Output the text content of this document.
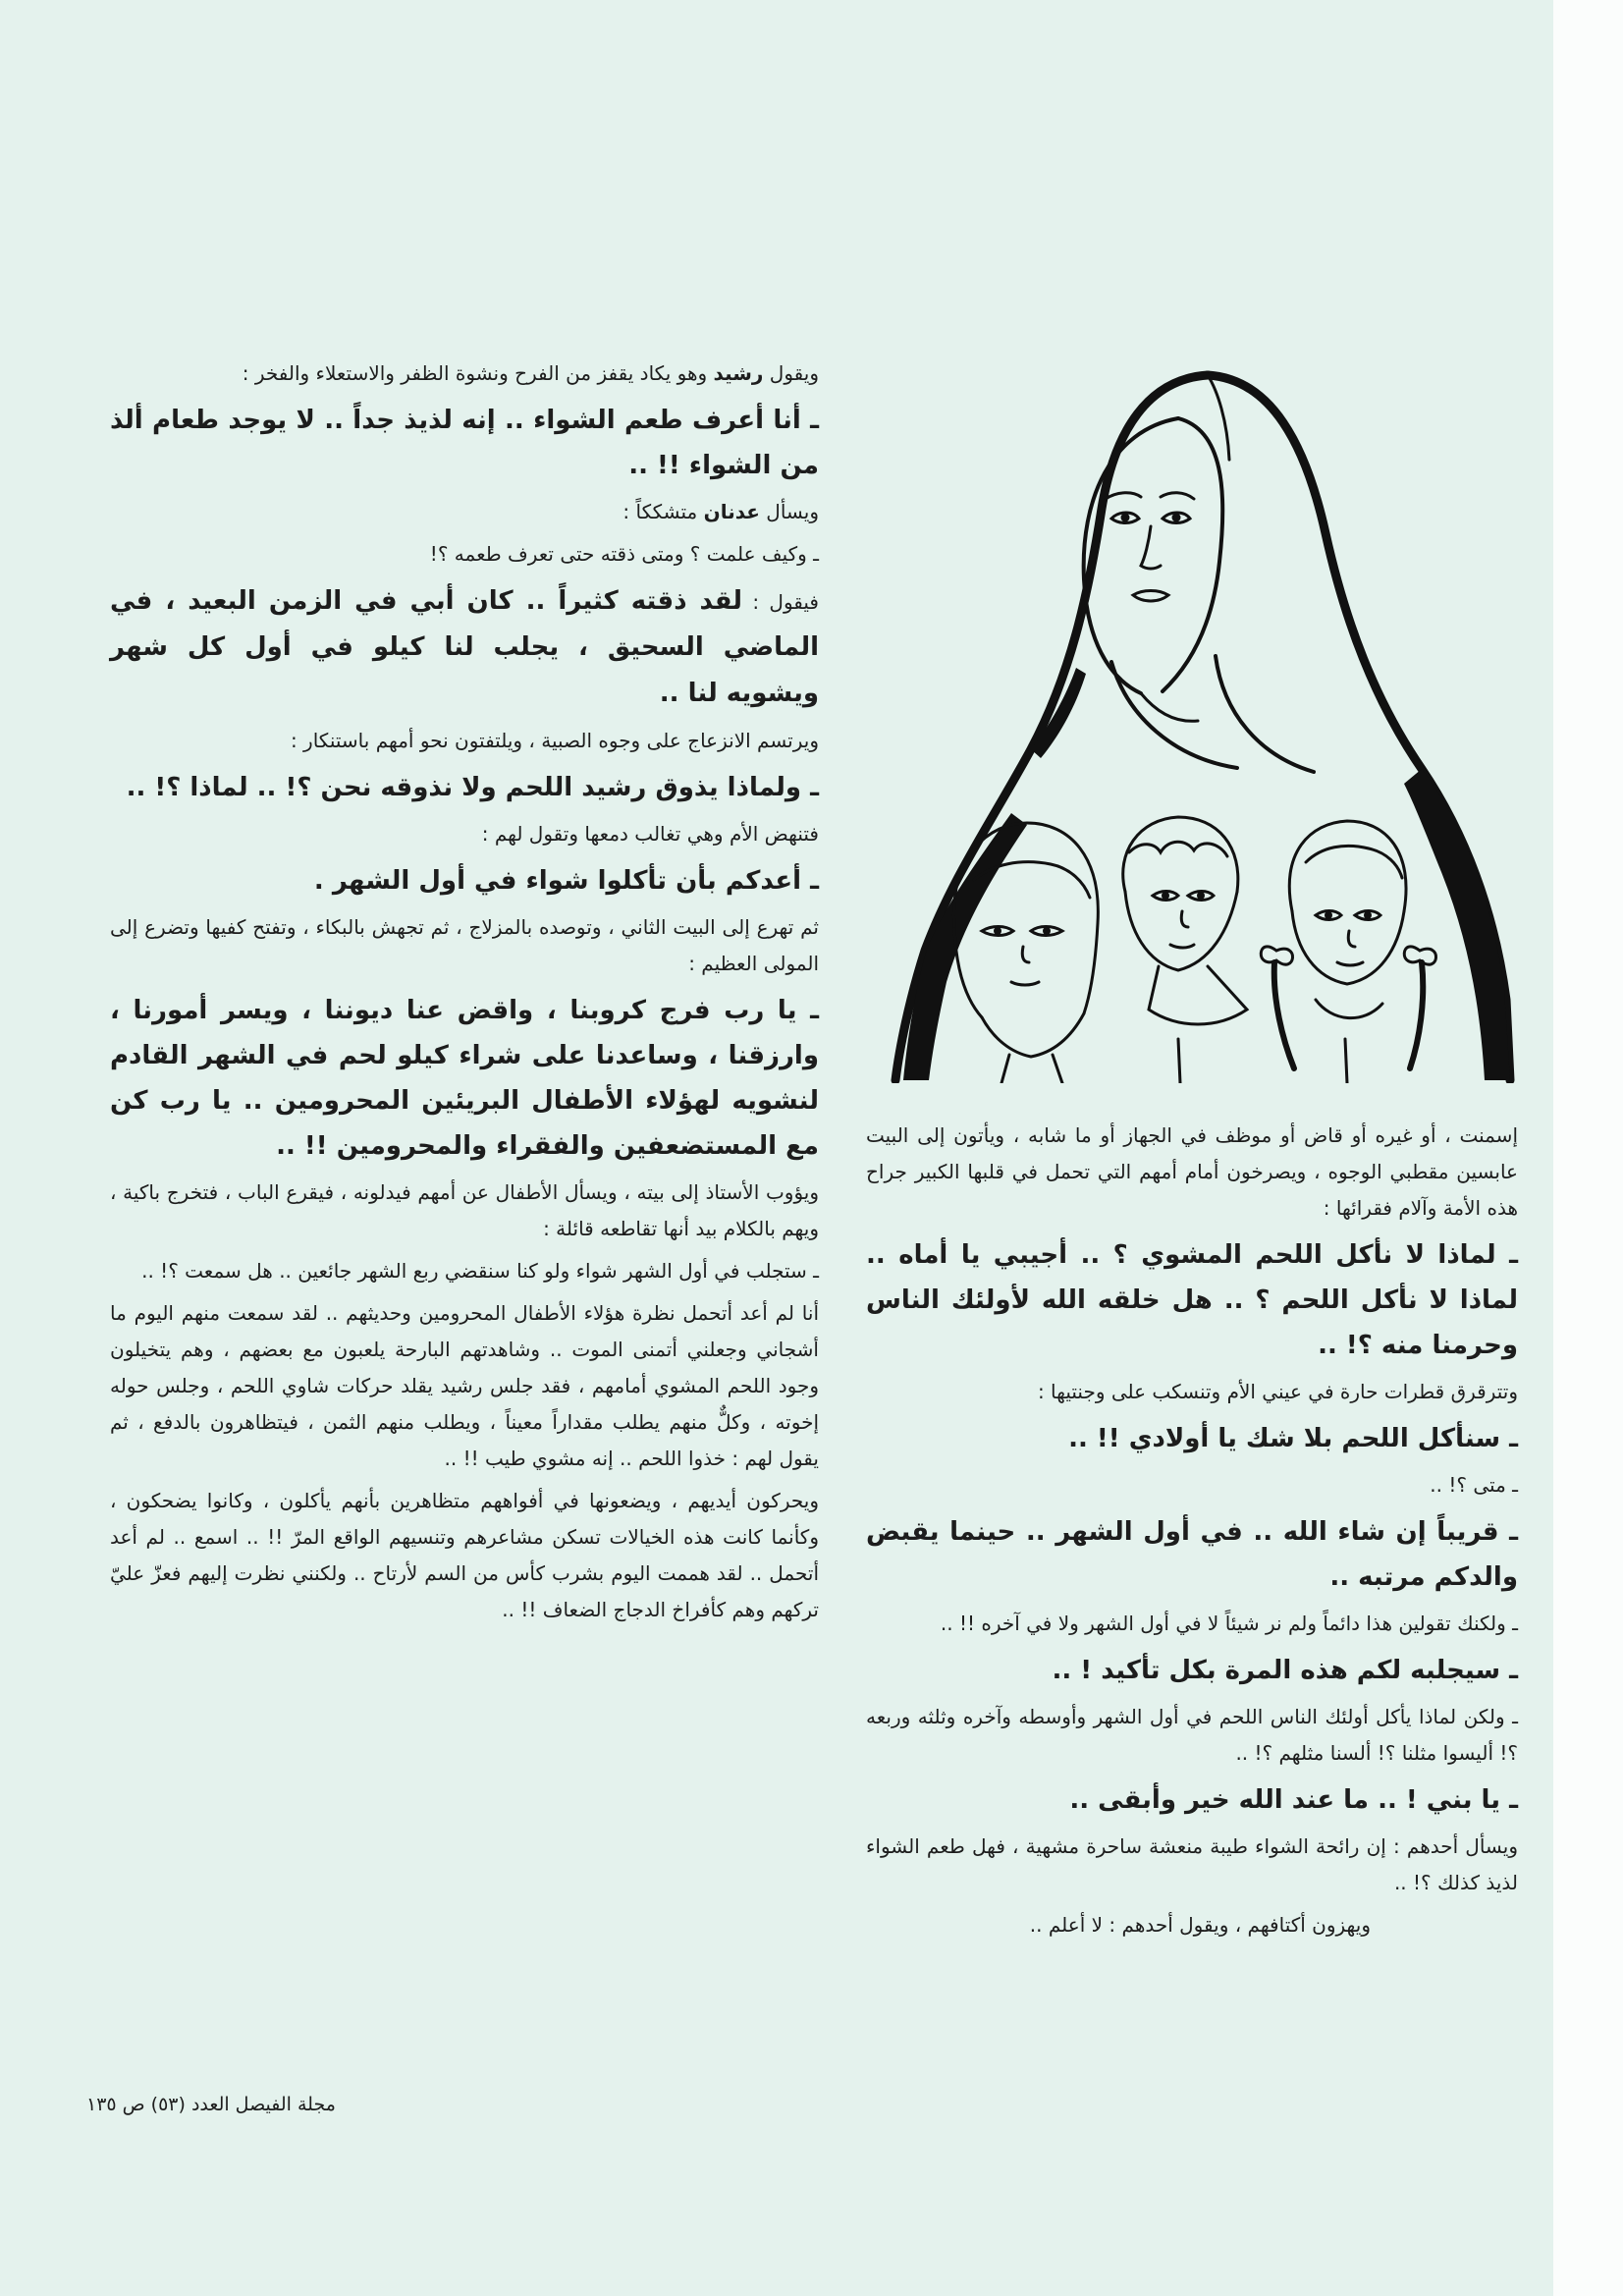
ويقول رشيد وهو يكاد يقفز من الفرح ونشوة الظفر والاستعلاء والفخر :

ـ أنا أعرف طعم الشواء .. إنه لذيذ جداً .. لا يوجد طعام ألذ من الشواء !! ..

ويسأل عدنان متشككاً :

ـ وكيف علمت ؟ ومتى ذقته حتى تعرف طعمه ؟!

فيقول : لقد ذقته كثيراً .. كان أبي في الزمن البعيد ، في الماضي السحيق ، يجلب لنا كيلو في أول كل شهر ويشويه لنا ..

ويرتسم الانزعاج على وجوه الصبية ، ويلتفتون نحو أمهم باستنكار :

ـ ولماذا يذوق رشيد اللحم ولا نذوقه نحن ؟! .. لماذا ؟! ..

فتنهض الأم وهي تغالب دمعها وتقول لهم :

ـ أعدكم بأن تأكلوا شواء في أول الشهر .

ثم تهرع إلى البيت الثاني ، وتوصده بالمزلاج ، ثم تجهش بالبكاء ، وتفتح كفيها وتضرع إلى المولى العظيم :

ـ يا رب فرج كروبنا ، واقض عنا ديوننا ، ويسر أمورنا ، وارزقنا ، وساعدنا على شراء كيلو لحم في الشهر القادم لنشويه لهؤلاء الأطفال البريئين المحرومين .. يا رب كن مع المستضعفين والفقراء والمحرومين !! ..

ويؤوب الأستاذ إلى بيته ، ويسأل الأطفال عن أمهم فيدلونه ، فيقرع الباب ، فتخرج باكية ، ويهم بالكلام بيد أنها تقاطعه قائلة :

ـ ستجلب في أول الشهر شواء ولو كنا سنقضي ربع الشهر جائعين .. هل سمعت ؟! ..

أنا لم أعد أتحمل نظرة هؤلاء الأطفال المحرومين وحديثهم .. لقد سمعت منهم اليوم ما أشجاني وجعلني أتمنى الموت .. وشاهدتهم البارحة يلعبون مع بعضهم ، وهم يتخيلون وجود اللحم المشوي أمامهم ، فقد جلس رشيد يقلد حركات شاوي اللحم ، وجلس حوله إخوته ، وكلٌّ منهم يطلب مقداراً معيناً ، ويطلب منهم الثمن ، فيتظاهرون بالدفع ، ثم يقول لهم : خذوا اللحم .. إنه مشوي طيب !! ..

ويحركون أيديهم ، ويضعونها في أفواههم متظاهرين بأنهم يأكلون ، وكانوا يضحكون ، وكأنما كانت هذه الخيالات تسكن مشاعرهم وتنسيهم الواقع المرّ !! .. اسمع .. لم أعد أتحمل .. لقد هممت اليوم بشرب كأس من السم لأرتاح .. ولكنني نظرت إليهم فعزّ عليّ تركهم وهم كأفراخ الدجاج الضعاف !! ..

إسمنت ، أو غيره أو قاض أو موظف في الجهاز أو ما شابه ، ويأتون إلى البيت عابسين مقطبي الوجوه ، ويصرخون أمام أمهم التي تحمل في قلبها الكبير جراح هذه الأمة وآلام فقرائها :

ـ لماذا لا نأكل اللحم المشوي ؟ .. أجيبي يا أماه .. لماذا لا نأكل اللحم ؟ .. هل خلقه الله لأولئك الناس وحرمنا منه ؟! ..

وتترقرق قطرات حارة في عيني الأم وتنسكب على وجنتيها :

ـ سنأكل اللحم بلا شك يا أولادي !! ..

ـ متى ؟! ..

ـ قريباً إن شاء الله .. في أول الشهر .. حينما يقبض والدكم مرتبه ..

ـ ولكنك تقولين هذا دائماً ولم نر شيئاً لا في أول الشهر ولا في آخره !! ..

ـ سيجلبه لكم هذه المرة بكل تأكيد ! ..

ـ ولكن لماذا يأكل أولئك الناس اللحم في أول الشهر وأوسطه وآخره وثلثه وربعه ؟! أليسوا مثلنا ؟! ألسنا مثلهم ؟! ..

ـ يا بني ! .. ما عند الله خير وأبقى ..

ويسأل أحدهم : إن رائحة الشواء طيبة منعشة ساحرة مشهية ، فهل طعم الشواء لذيذ كذلك ؟! ..

ويهزون أكتافهم ، ويقول أحدهم : لا أعلم ..

مجلة الفيصل العدد (٥٣) ص ١٣٥
